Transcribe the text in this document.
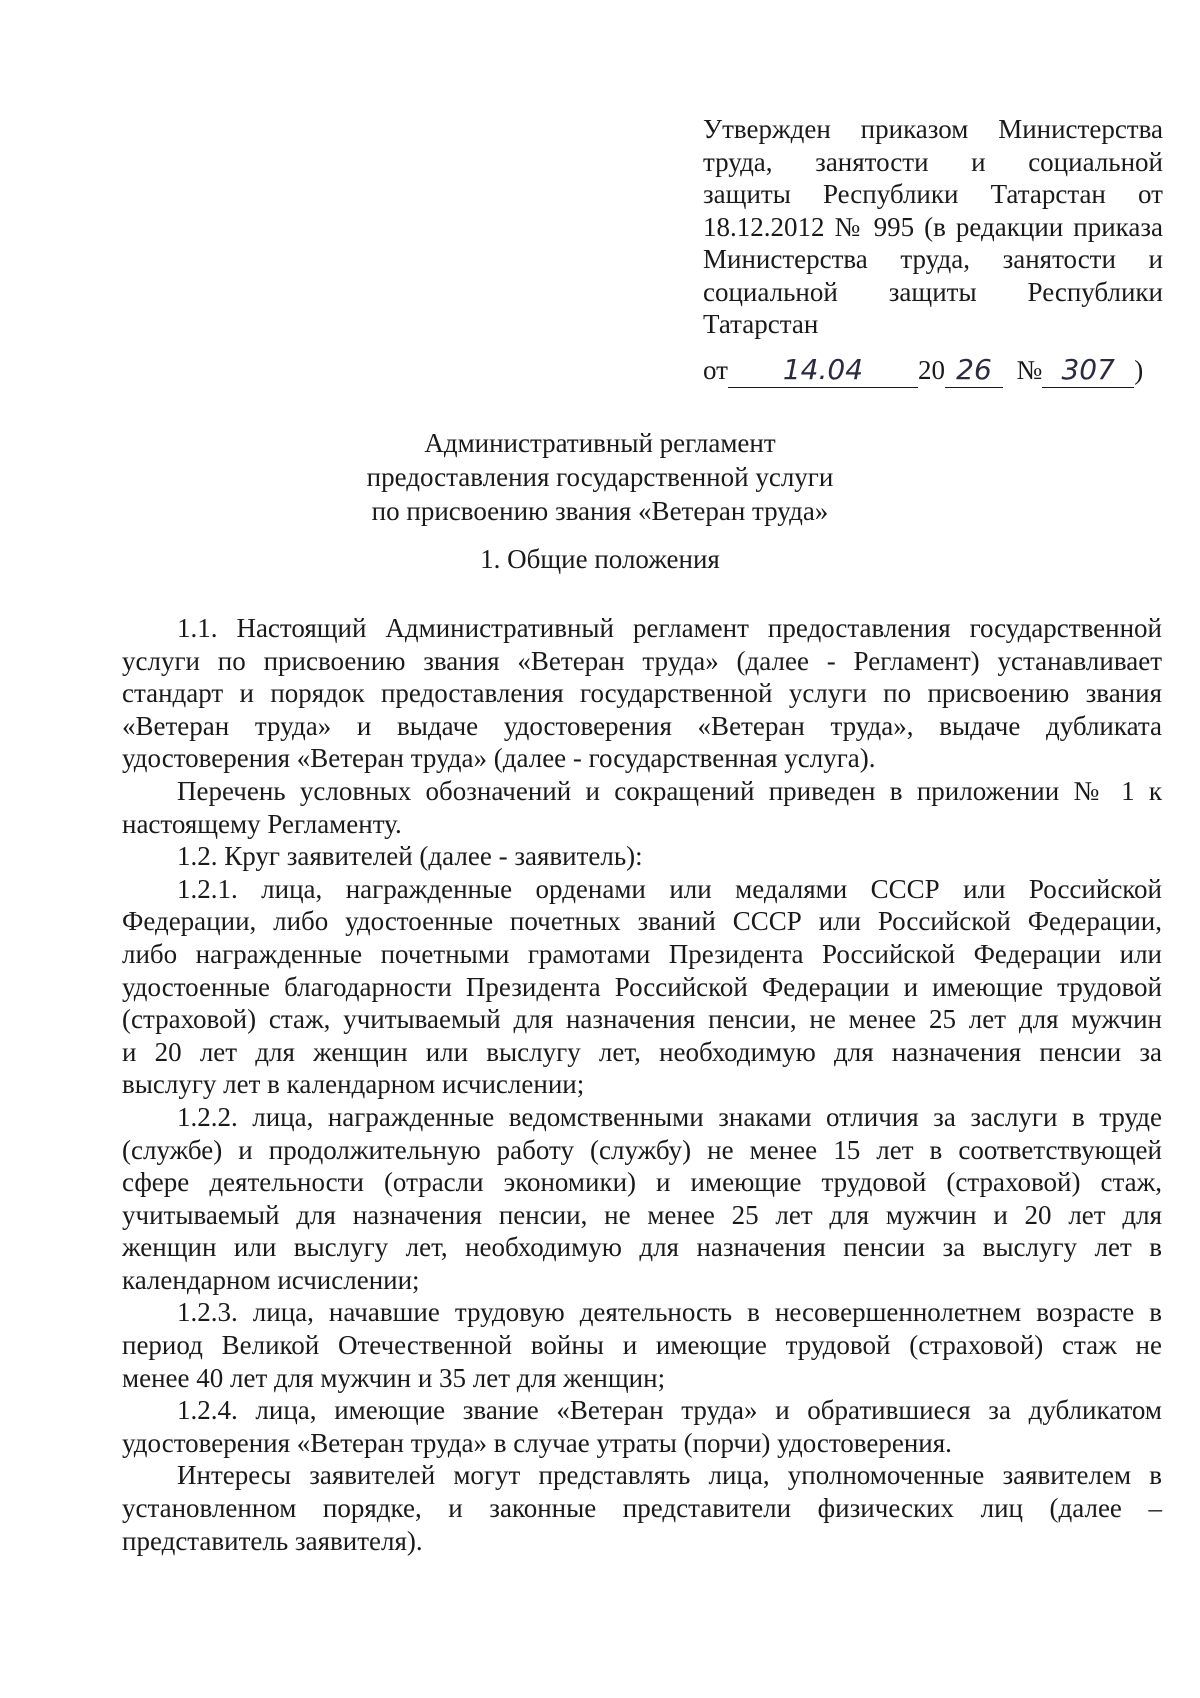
Утвержден приказом Министерства
труда, занятости и социальной
защиты Республики Татарстан от
18.12.2012 № 995 (в редакции приказа
Министерства труда, занятости и
социальной защиты Республики
Татарстан
от 14.04 20 26 № 307 )
Административный регламент
предоставления государственной услуги
по присвоению звания «Ветеран труда»
1. Общие положения
1.1. Настоящий Административный регламент предоставления государственной
услуги по присвоению звания «Ветеран труда» (далее - Регламент) устанавливает
стандарт и порядок предоставления государственной услуги по присвоению звания
«Ветеран труда» и выдаче удостоверения «Ветеран труда», выдаче дубликата
удостоверения «Ветеран труда» (далее - государственная услуга).
Перечень условных обозначений и сокращений приведен в приложении № 1 к
настоящему Регламенту.
1.2. Круг заявителей (далее - заявитель):
1.2.1. лица, награжденные орденами или медалями СССР или Российской
Федерации, либо удостоенные почетных званий СССР или Российской Федерации,
либо награжденные почетными грамотами Президента Российской Федерации или
удостоенные благодарности Президента Российской Федерации и имеющие трудовой
(страховой) стаж, учитываемый для назначения пенсии, не менее 25 лет для мужчин
и 20 лет для женщин или выслугу лет, необходимую для назначения пенсии за
выслугу лет в календарном исчислении;
1.2.2. лица, награжденные ведомственными знаками отличия за заслуги в труде
(службе) и продолжительную работу (службу) не менее 15 лет в соответствующей
сфере деятельности (отрасли экономики) и имеющие трудовой (страховой) стаж,
учитываемый для назначения пенсии, не менее 25 лет для мужчин и 20 лет для
женщин или выслугу лет, необходимую для назначения пенсии за выслугу лет в
календарном исчислении;
1.2.3. лица, начавшие трудовую деятельность в несовершеннолетнем возрасте в
период Великой Отечественной войны и имеющие трудовой (страховой) стаж не
менее 40 лет для мужчин и 35 лет для женщин;
1.2.4. лица, имеющие звание «Ветеран труда» и обратившиеся за дубликатом
удостоверения «Ветеран труда» в случае утраты (порчи) удостоверения.
Интересы заявителей могут представлять лица, уполномоченные заявителем в
установленном порядке, и законные представители физических лиц (далее –
представитель заявителя).
